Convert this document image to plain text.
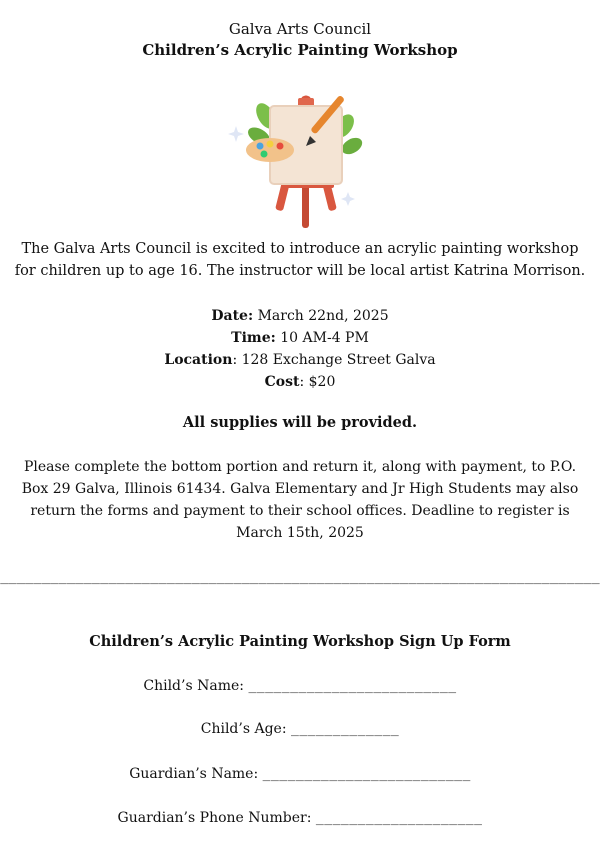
Galva Arts Council
Children’s Acrylic Painting Workshop
The Galva Arts Council is excited to introduce an acrylic painting workshop for children up to age 16. The instructor will be local artist Katrina Morrison.
Date: March 22nd, 2025
Time: 10 AM-4 PM
Location: 128 Exchange Street Galva
Cost: $20
All supplies will be provided.
Please complete the bottom portion and return it, along with payment, to P.O. Box 29 Galva, Illinois 61434. Galva Elementary and Jr High Students may also return the forms and payment to their school offices. Deadline to register is March 15th, 2025
________________________________________________________________________
Children’s Acrylic Painting Workshop Sign Up Form
Child’s Name: _________________________
Child’s Age: _____________
Guardian’s Name: _________________________
Guardian’s Phone Number: ____________________
